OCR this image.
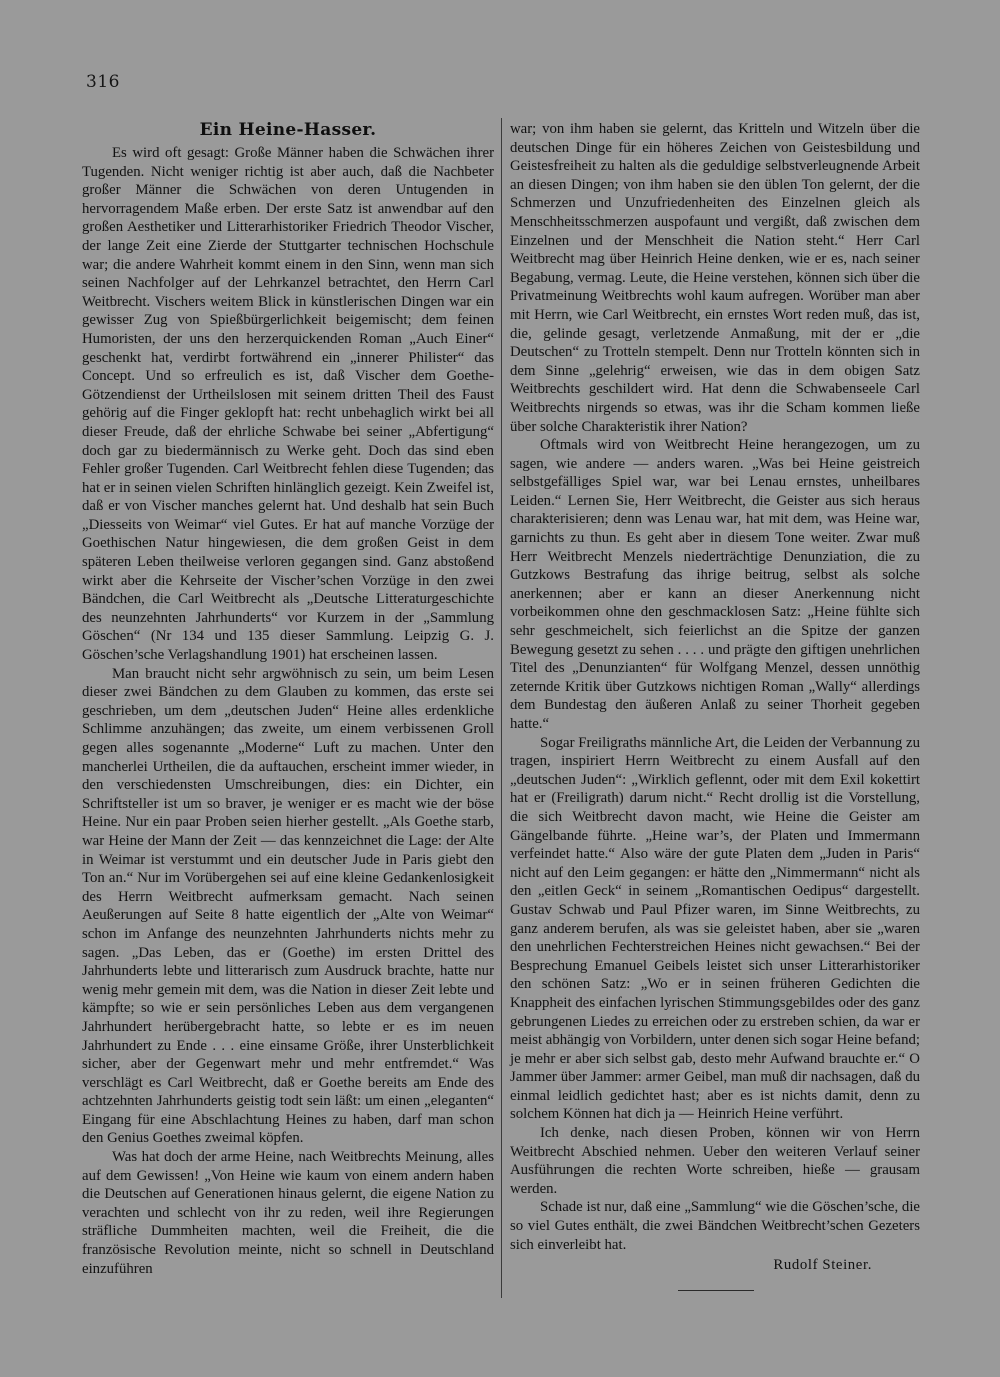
316
Ein Heine-Hasser.

Es wird oft gesagt: Große Männer haben die Schwächen ihrer Tugenden. Nicht weniger richtig ist aber auch, daß die Nachbeter großer Männer die Schwächen von deren Untugenden in hervorragendem Maße erben. Der erste Satz ist anwendbar auf den großen Aesthetiker und Litterarhistoriker Friedrich Theodor Vischer, der lange Zeit eine Zierde der Stuttgarter technischen Hochschule war; die andere Wahrheit kommt einem in den Sinn, wenn man sich seinen Nachfolger auf der Lehrkanzel betrachtet, den Herrn Carl Weitbrecht. Vischers weitem Blick in künstlerischen Dingen war ein gewisser Zug von Spießbürgerlichkeit beigemischt; dem feinen Humoristen, der uns den herzerquickenden Roman „Auch Einer“ geschenkt hat, verdirbt fortwährend ein „innerer Philister“ das Concept. Und so erfreulich es ist, daß Vischer dem Goethe-Götzendienst der Urtheilslosen mit seinem dritten Theil des Faust gehörig auf die Finger geklopft hat: recht unbehaglich wirkt bei all dieser Freude, daß der ehrliche Schwabe bei seiner „Abfertigung“ doch gar zu biedermännisch zu Werke geht. Doch das sind eben Fehler großer Tugenden. Carl Weitbrecht fehlen diese Tugenden; das hat er in seinen vielen Schriften hinlänglich gezeigt. Kein Zweifel ist, daß er von Vischer manches gelernt hat. Und deshalb hat sein Buch „Diesseits von Weimar“ viel Gutes. Er hat auf manche Vorzüge der Goethischen Natur hingewiesen, die dem großen Geist in dem späteren Leben theilweise verloren gegangen sind. Ganz abstoßend wirkt aber die Kehrseite der Vischer’schen Vorzüge in den zwei Bändchen, die Carl Weitbrecht als „Deutsche Litteraturgeschichte des neunzehnten Jahrhunderts“ vor Kurzem in der „Sammlung Göschen“ (Nr 134 und 135 dieser Sammlung. Leipzig G. J. Göschen’sche Verlagshandlung 1901) hat erscheinen lassen.

Man braucht nicht sehr argwöhnisch zu sein, um beim Lesen dieser zwei Bändchen zu dem Glauben zu kommen, das erste sei geschrieben, um dem „deutschen Juden“ Heine alles erdenkliche Schlimme anzuhängen; das zweite, um einem verbissenen Groll gegen alles sogenannte „Moderne“ Luft zu machen. Unter den mancherlei Urtheilen, die da auftauchen, erscheint immer wieder, in den verschiedensten Umschreibungen, dies: ein Dichter, ein Schriftsteller ist um so braver, je weniger er es macht wie der böse Heine. Nur ein paar Proben seien hierher gestellt. „Als Goethe starb, war Heine der Mann der Zeit — das kennzeichnet die Lage: der Alte in Weimar ist verstummt und ein deutscher Jude in Paris giebt den Ton an.“ Nur im Vorübergehen sei auf eine kleine Gedankenlosigkeit des Herrn Weitbrecht aufmerksam gemacht. Nach seinen Aeußerungen auf Seite 8 hatte eigentlich der „Alte von Weimar“ schon im Anfange des neunzehnten Jahrhunderts nichts mehr zu sagen. „Das Leben, das er (Goethe) im ersten Drittel des Jahrhunderts lebte und litterarisch zum Ausdruck brachte, hatte nur wenig mehr gemein mit dem, was die Nation in dieser Zeit lebte und kämpfte; so wie er sein persönliches Leben aus dem vergangenen Jahrhundert herübergebracht hatte, so lebte er es im neuen Jahrhundert zu Ende . . . eine einsame Größe, ihrer Unsterblichkeit sicher, aber der Gegenwart mehr und mehr entfremdet.“ Was verschlägt es Carl Weitbrecht, daß er Goethe bereits am Ende des achtzehnten Jahrhunderts geistig todt sein läßt: um einen „eleganten“ Eingang für eine Abschlachtung Heines zu haben, darf man schon den Genius Goethes zweimal köpfen.

Was hat doch der arme Heine, nach Weitbrechts Meinung, alles auf dem Gewissen! „Von Heine wie kaum von einem andern haben die Deutschen auf Generationen hinaus gelernt, die eigene Nation zu verachten und schlecht von ihr zu reden, weil ihre Regierungen sträfliche Dummheiten machten, weil die Freiheit, die die französische Revolution meinte, nicht so schnell in Deutschland einzuführen

war; von ihm haben sie gelernt, das Kritteln und Witzeln über die deutschen Dinge für ein höheres Zeichen von Geistesbildung und Geistesfreiheit zu halten als die geduldige selbstverleugnende Arbeit an diesen Dingen; von ihm haben sie den üblen Ton gelernt, der die Schmerzen und Unzufriedenheiten des Einzelnen gleich als Menschheitsschmerzen auspofaunt und vergißt, daß zwischen dem Einzelnen und der Menschheit die Nation steht.“ Herr Carl Weitbrecht mag über Heinrich Heine denken, wie er es, nach seiner Begabung, vermag. Leute, die Heine verstehen, können sich über die Privatmeinung Weitbrechts wohl kaum aufregen. Worüber man aber mit Herrn, wie Carl Weitbrecht, ein ernstes Wort reden muß, das ist, die, gelinde gesagt, verletzende Anmaßung, mit der er „die Deutschen“ zu Trotteln stempelt. Denn nur Trotteln könnten sich in dem Sinne „gelehrig“ erweisen, wie das in dem obigen Satz Weitbrechts geschildert wird. Hat denn die Schwabenseele Carl Weitbrechts nirgends so etwas, was ihr die Scham kommen ließe über solche Charakteristik ihrer Nation?

Oftmals wird von Weitbrecht Heine herangezogen, um zu sagen, wie andere — anders waren. „Was bei Heine geistreich selbstgefälliges Spiel war, war bei Lenau ernstes, unheilbares Leiden.“ Lernen Sie, Herr Weitbrecht, die Geister aus sich heraus charakterisieren; denn was Lenau war, hat mit dem, was Heine war, garnichts zu thun. Es geht aber in diesem Tone weiter. Zwar muß Herr Weitbrecht Menzels niederträchtige Denunziation, die zu Gutzkows Bestrafung das ihrige beitrug, selbst als solche anerkennen; aber er kann an dieser Anerkennung nicht vorbeikommen ohne den geschmacklosen Satz: „Heine fühlte sich sehr geschmeichelt, sich feierlichst an die Spitze der ganzen Bewegung gesetzt zu sehen . . . . und prägte den giftigen unehrlichen Titel des „Denunzianten“ für Wolfgang Menzel, dessen unnöthig zeternde Kritik über Gutzkows nichtigen Roman „Wally“ allerdings dem Bundestag den äußeren Anlaß zu seiner Thorheit gegeben hatte.“

Sogar Freiligraths männliche Art, die Leiden der Verbannung zu tragen, inspiriert Herrn Weitbrecht zu einem Ausfall auf den „deutschen Juden“: „Wirklich geflennt, oder mit dem Exil kokettirt hat er (Freiligrath) darum nicht.“ Recht drollig ist die Vorstellung, die sich Weitbrecht davon macht, wie Heine die Geister am Gängelbande führte. „Heine war’s, der Platen und Immermann verfeindet hatte.“ Also wäre der gute Platen dem „Juden in Paris“ nicht auf den Leim gegangen: er hätte den „Nimmermann“ nicht als den „eitlen Geck“ in seinem „Romantischen Oedipus“ dargestellt. Gustav Schwab und Paul Pfizer waren, im Sinne Weitbrechts, zu ganz anderem berufen, als was sie geleistet haben, aber sie „waren den unehrlichen Fechterstreichen Heines nicht gewachsen.“ Bei der Besprechung Emanuel Geibels leistet sich unser Litterarhistoriker den schönen Satz: „Wo er in seinen früheren Gedichten die Knappheit des einfachen lyrischen Stimmungsgebildes oder des ganz gebrungenen Liedes zu erreichen oder zu erstreben schien, da war er meist abhängig von Vorbildern, unter denen sich sogar Heine befand; je mehr er aber sich selbst gab, desto mehr Aufwand brauchte er.“ O Jammer über Jammer: armer Geibel, man muß dir nachsagen, daß du einmal leidlich gedichtet hast; aber es ist nichts damit, denn zu solchem Können hat dich ja — Heinrich Heine verführt.

Ich denke, nach diesen Proben, können wir von Herrn Weitbrecht Abschied nehmen. Ueber den weiteren Verlauf seiner Ausführungen die rechten Worte schreiben, hieße — grausam werden.

Schade ist nur, daß eine „Sammlung“ wie die Göschen’sche, die so viel Gutes enthält, die zwei Bändchen Weitbrecht’schen Gezeters sich einverleibt hat.

Rudolf Steiner.
